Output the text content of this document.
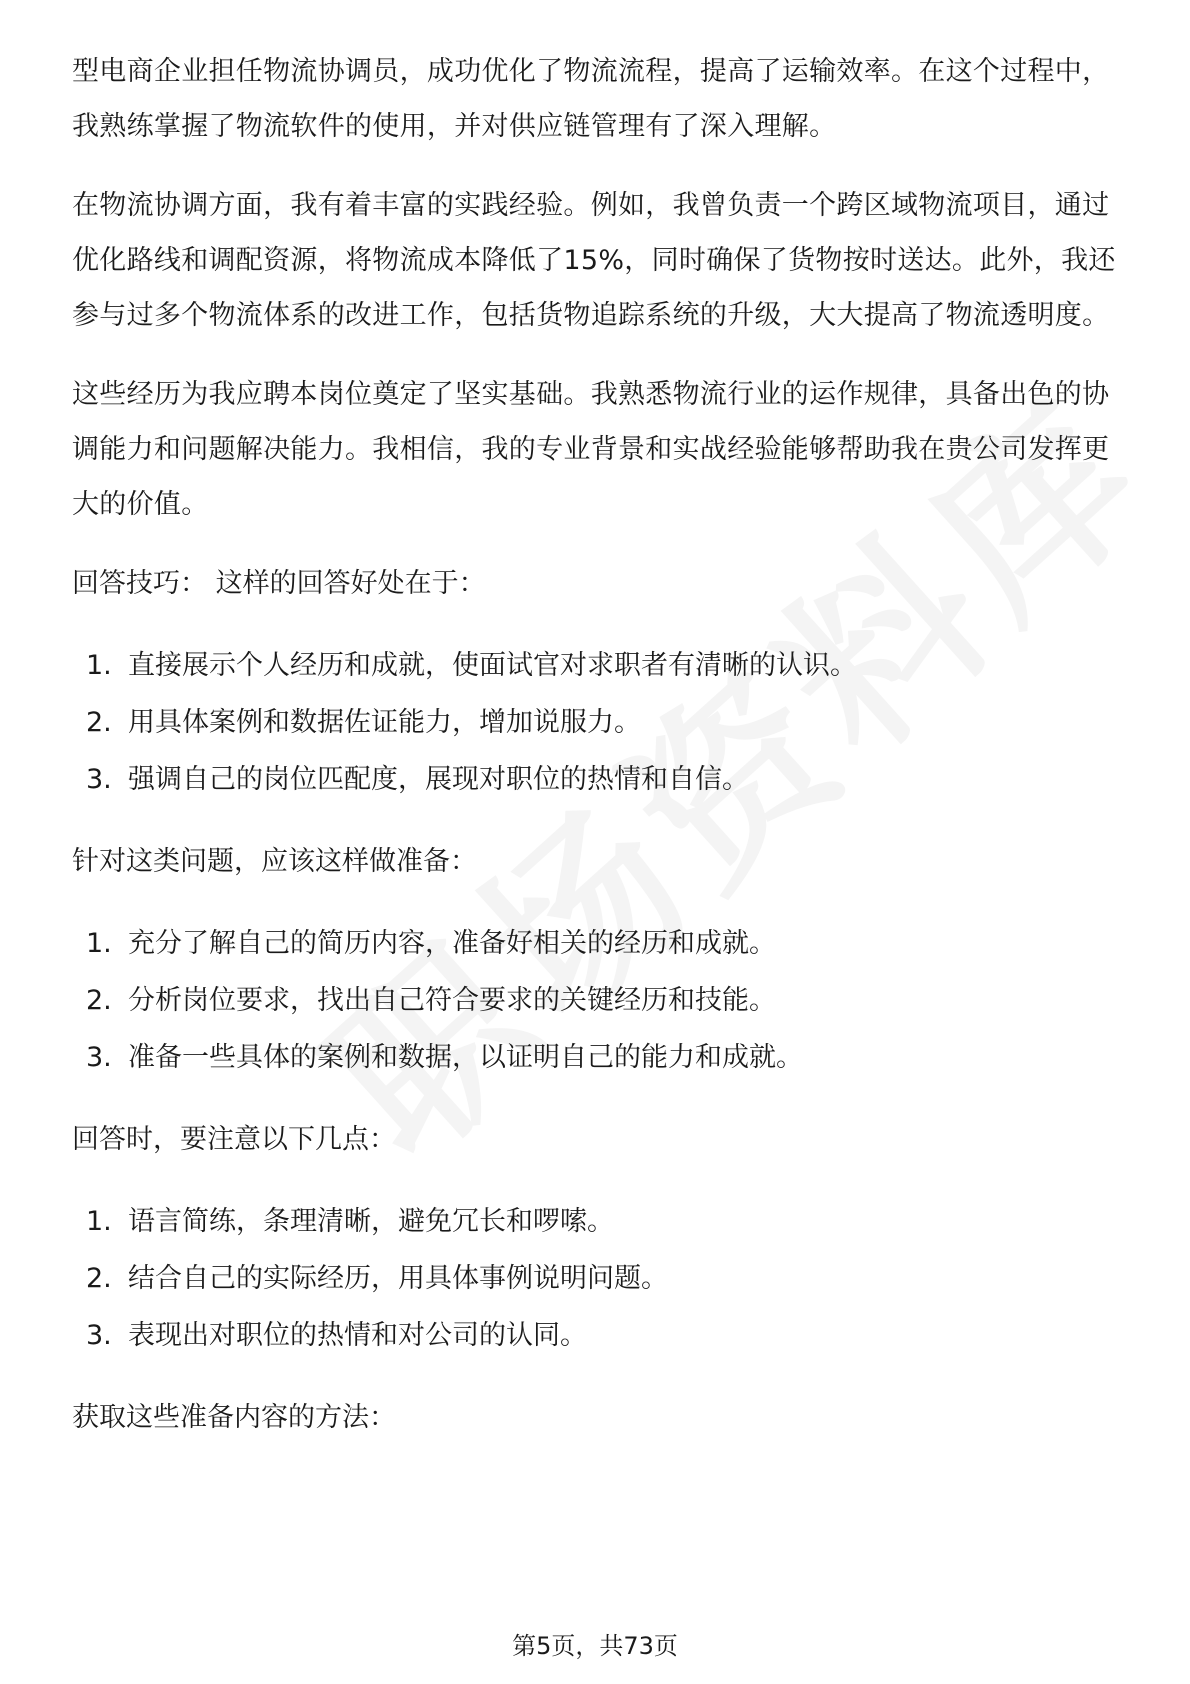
型电商企业担任物流协调员，成功优化了物流流程，提高了运输效率。在这个过程中，我熟练掌握了物流软件的使用，并对供应链管理有了深入理解。

在物流协调方面，我有着丰富的实践经验。例如，我曾负责一个跨区域物流项目，通过优化路线和调配资源，将物流成本降低了15%，同时确保了货物按时送达。此外，我还参与过多个物流体系的改进工作，包括货物追踪系统的升级，大大提高了物流透明度。

这些经历为我应聘本岗位奠定了坚实基础。我熟悉物流行业的运作规律，具备出色的协调能力和问题解决能力。我相信，我的专业背景和实战经验能够帮助我在贵公司发挥更大的价值。

回答技巧： 这样的回答好处在于：

1. 直接展示个人经历和成就，使面试官对求职者有清晰的认识。
2. 用具体案例和数据佐证能力，增加说服力。
3. 强调自己的岗位匹配度，展现对职位的热情和自信。

针对这类问题，应该这样做准备：

1. 充分了解自己的简历内容，准备好相关的经历和成就。
2. 分析岗位要求，找出自己符合要求的关键经历和技能。
3. 准备一些具体的案例和数据，以证明自己的能力和成就。

回答时，要注意以下几点：

1. 语言简练，条理清晰，避免冗长和啰嗦。
2. 结合自己的实际经历，用具体事例说明问题。
3. 表现出对职位的热情和对公司的认同。

获取这些准备内容的方法：

第5页，共73页
